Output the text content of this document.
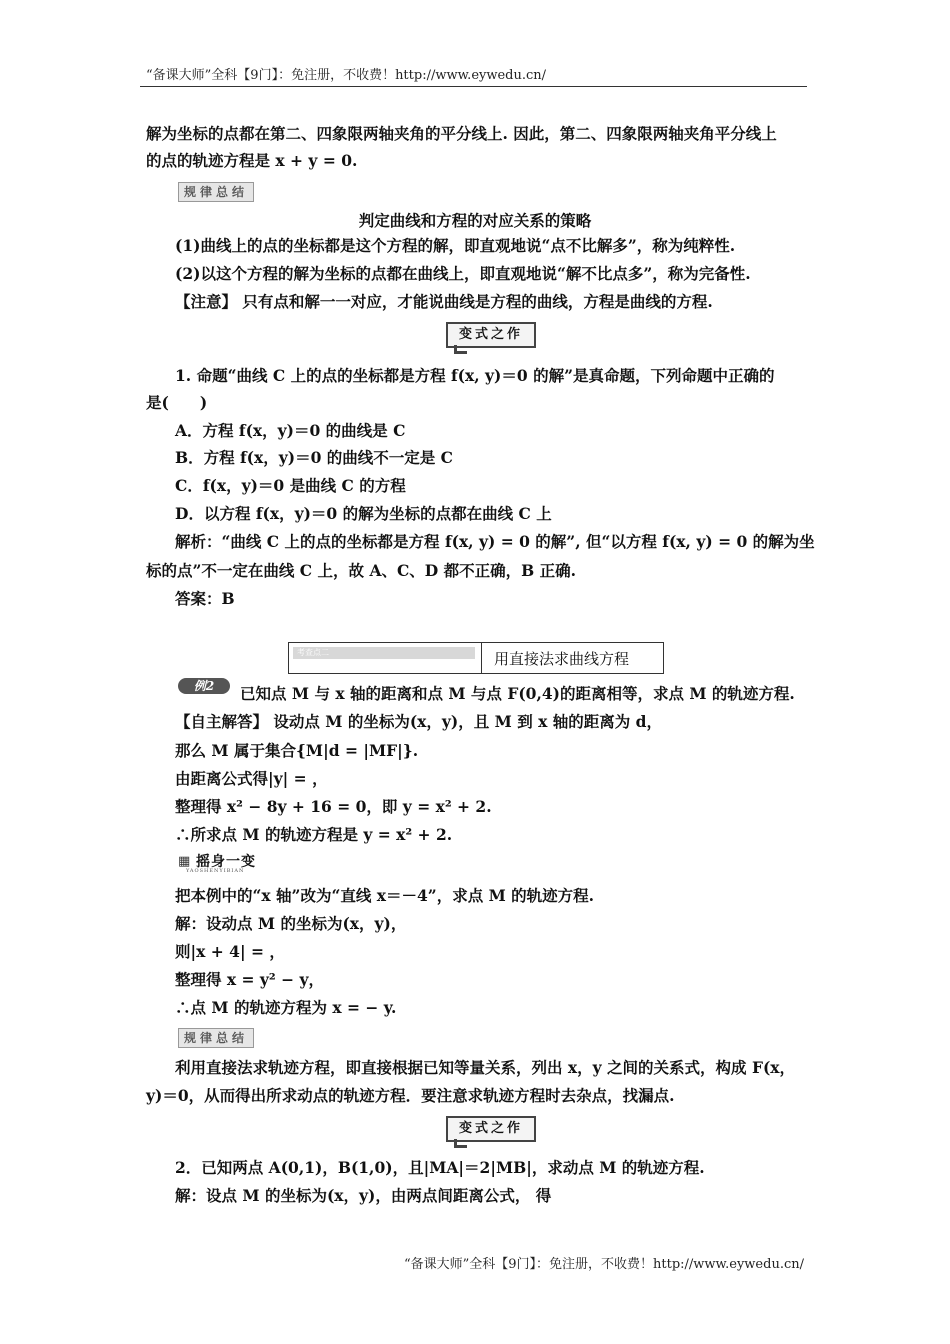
“备课大师”全科【9门】：免注册，不收费！http://www.eywedu.cn/
解为坐标的点都在第二、四象限两轴夹角的平分线上. 因此，第二、四象限两轴夹角平分线上
的点的轨迹方程是 x + y = 0.
规律总结
判定曲线和方程的对应关系的策略
(1)曲线上的点的坐标都是这个方程的解，即直观地说“点不比解多”，称为纯粹性.
(2)以这个方程的解为坐标的点都在曲线上，即直观地说“解不比点多”，称为完备性.
【注意】 只有点和解一一对应，才能说曲线是方程的曲线，方程是曲线的方程.
变式之作
1. 命题“曲线 C 上的点的坐标都是方程 f(x, y)＝0 的解”是真命题，下列命题中正确的
是(　　)
A．方程 f(x，y)＝0 的曲线是 C
B．方程 f(x，y)＝0 的曲线不一定是 C
C．f(x，y)＝0 是曲线 C 的方程
D．以方程 f(x，y)＝0 的解为坐标的点都在曲线 C 上
解析：“曲线 C 上的点的坐标都是方程 f(x, y) = 0 的解”, 但“以方程 f(x, y) = 0 的解为坐
标的点”不一定在曲线 C 上，故 A、C、D 都不正确，B 正确.
答案：B
考查点二	用直接法求曲线方程
例2	已知点 M 与 x 轴的距离和点 M 与点 F(0,4)的距离相等，求点 M 的轨迹方程.
【自主解答】 设动点 M 的坐标为(x，y)，且 M 到 x 轴的距离为 d，
那么 M 属于集合{M|d = |MF|}.
由距离公式得|y| = ，
整理得 x² − 8y + 16 = 0，即 y = x² + 2.
∴所求点 M 的轨迹方程是 y = x² + 2.
▦ 摇身一变
YAOSHENYIBIAN
把本例中的“x 轴”改为“直线 x＝－4”，求点 M 的轨迹方程.
解：设动点 M 的坐标为(x，y)，
则|x + 4| = ，
整理得 x = y² − y，
∴点 M 的轨迹方程为 x = − y.
规律总结
利用直接法求轨迹方程，即直接根据已知等量关系，列出 x，y 之间的关系式，构成 F(x，
y)＝0，从而得出所求动点的轨迹方程．要注意求轨迹方程时去杂点，找漏点.
变式之作
2．已知两点 A(0,1)，B(1,0)，且|MA|＝2|MB|，求动点 M 的轨迹方程.
解：设点 M 的坐标为(x，y)，由两点间距离公式， 得
“备课大师”全科【9门】：免注册，不收费！http://www.eywedu.cn/
